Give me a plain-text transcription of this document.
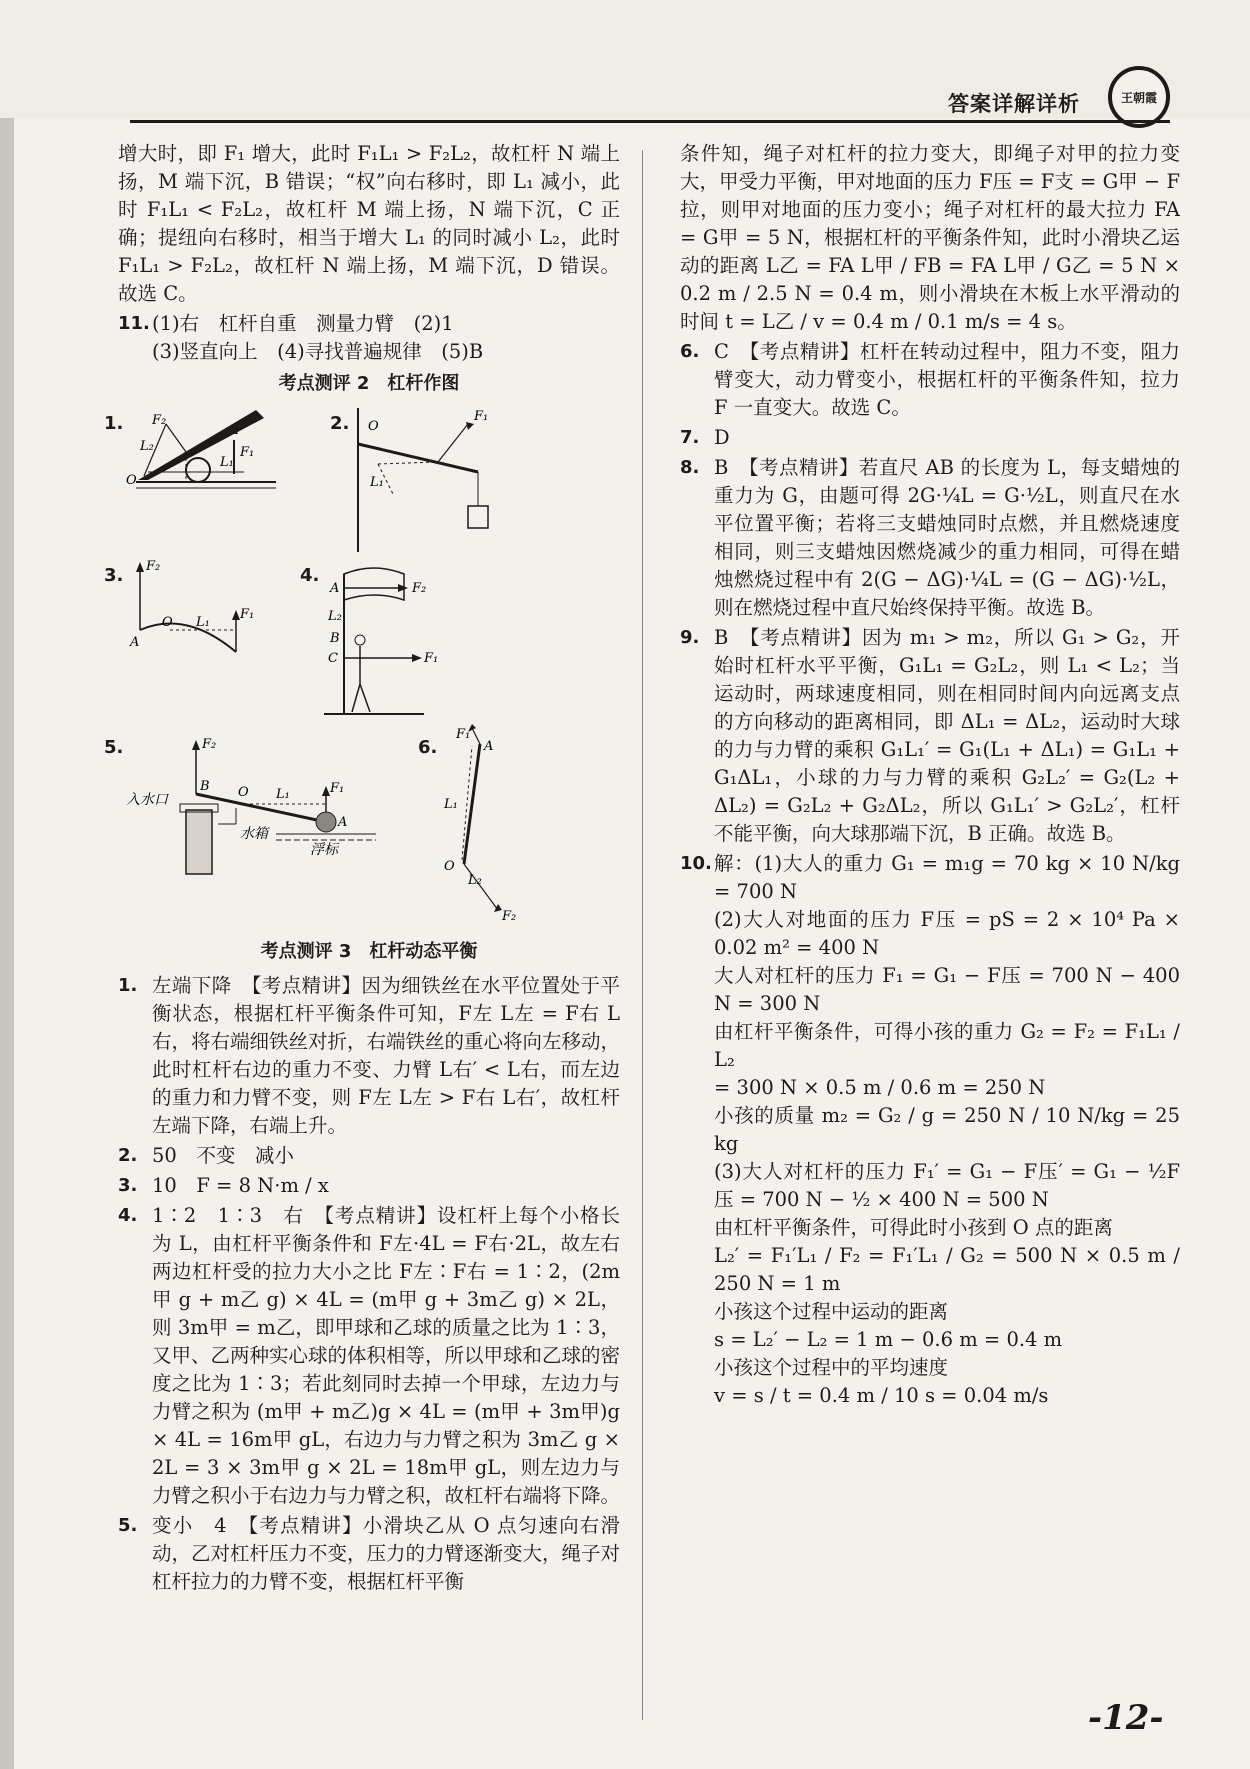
答案详解详析	王朝霞

增大时，即 F₁ 增大，此时 F₁L₁ > F₂L₂，故杠杆 N 端上扬，M 端下沉，B 错误；“权”向右移时，即 L₁ 减小，此时 F₁L₁ < F₂L₂，故杠杆 M 端上扬，N 端下沉，C 正确；提纽向右移时，相当于增大 L₁ 的同时减小 L₂，此时 F₁L₁ > F₂L₂，故杠杆 N 端上扬，M 端下沉，D 错误。故选 C。

11. (1)右　杠杆自重　测量力臂　(2)1
(3)竖直向上　(4)寻找普遍规律　(5)B
考点测评 2　杠杆作图
1.	2.
3.	4.
5.	6.
F₁
F₂
L₁
L₂
O
O
F₁
L₁
F₂
F₁
O L₁
A
A	F₂
L₂
B
C	F₁
F₂
B O L₁	F₁
A
入水口
水箱
浮标
F₁
A
L₁
O
L₂
F₂
考点测评 3　杠杆动态平衡
1. 左端下降　【考点精讲】因为细铁丝在水平位置处于平衡状态，根据杠杆平衡条件可知，F左 L左 = F右 L右，将右端细铁丝对折，右端铁丝的重心将向左移动，此时杠杆右边的重力不变、力臂 L右′ < L右，而左边的重力和力臂不变，则 F左 L左 > F右 L右′，故杠杆左端下降，右端上升。
2. 50　不变　减小
3. 10　F = 8 N·m / x
4. 1∶2　1∶3　右　【考点精讲】设杠杆上每个小格长为 L，由杠杆平衡条件和 F左·4L = F右·2L，故左右两边杠杆受的拉力大小之比 F左∶F右 = 1∶2，(2m甲 g + m乙 g) × 4L = (m甲 g + 3m乙 g) × 2L，则 3m甲 = m乙，即甲球和乙球的质量之比为 1∶3，又甲、乙两种实心球的体积相等，所以甲球和乙球的密度之比为 1∶3；若此刻同时去掉一个甲球，左边力与力臂之积为 (m甲 + m乙)g × 4L = (m甲 + 3m甲)g × 4L = 16m甲 gL，右边力与力臂之积为 3m乙 g × 2L = 3 × 3m甲 g × 2L = 18m甲 gL，则左边力与力臂之积小于右边力与力臂之积，故杠杆右端将下降。
5. 变小　4　【考点精讲】小滑块乙从 O 点匀速向右滑动，乙对杠杆压力不变，压力的力臂逐渐变大，绳子对杠杆拉力的力臂不变，根据杠杆平衡

条件知，绳子对杠杆的拉力变大，即绳子对甲的拉力变大，甲受力平衡，甲对地面的压力 F压 = F支 = G甲 − F拉，则甲对地面的压力变小；绳子对杠杆的最大拉力 FA = G甲 = 5 N，根据杠杆的平衡条件知，此时小滑块乙运动的距离 L乙 = FA L甲 / FB = FA L甲 / G乙 = 5 N × 0.2 m / 2.5 N = 0.4 m，则小滑块在木板上水平滑动的时间 t = L乙 / v = 0.4 m / 0.1 m/s = 4 s。

6. C　【考点精讲】杠杆在转动过程中，阻力不变，阻力臂变大，动力臂变小，根据杠杆的平衡条件知，拉力 F 一直变大。故选 C。
7. D
8. B　【考点精讲】若直尺 AB 的长度为 L，每支蜡烛的重力为 G，由题可得 2G·¼L = G·½L，则直尺在水平位置平衡；若将三支蜡烛同时点燃，并且燃烧速度相同，则三支蜡烛因燃烧减少的重力相同，可得在蜡烛燃烧过程中有 2(G − ΔG)·¼L = (G − ΔG)·½L，则在燃烧过程中直尺始终保持平衡。故选 B。
9. B　【考点精讲】因为 m₁ > m₂，所以 G₁ > G₂，开始时杠杆水平平衡，G₁L₁ = G₂L₂，则 L₁ < L₂；当运动时，两球速度相同，则在相同时间内向远离支点的方向移动的距离相同，即 ΔL₁ = ΔL₂，运动时大球的力与力臂的乘积 G₁L₁′ = G₁(L₁ + ΔL₁) = G₁L₁ + G₁ΔL₁，小球的力与力臂的乘积 G₂L₂′ = G₂(L₂ + ΔL₂) = G₂L₂ + G₂ΔL₂，所以 G₁L₁′ > G₂L₂′，杠杆不能平衡，向大球那端下沉，B 正确。故选 B。
10. 解：(1)大人的重力 G₁ = m₁g = 70 kg × 10 N/kg = 700 N
(2)大人对地面的压力 F压 = pS = 2 × 10⁴ Pa × 0.02 m² = 400 N
大人对杠杆的压力 F₁ = G₁ − F压 = 700 N − 400 N = 300 N
由杠杆平衡条件，可得小孩的重力 G₂ = F₂ = F₁L₁ / L₂
= 300 N × 0.5 m / 0.6 m = 250 N
小孩的质量 m₂ = G₂ / g = 250 N / 10 N/kg = 25 kg
(3)大人对杠杆的压力 F₁′ = G₁ − F压′ = G₁ − ½F压 = 700 N − ½ × 400 N = 500 N
由杠杆平衡条件，可得此时小孩到 O 点的距离
L₂′ = F₁′L₁ / F₂ = F₁′L₁ / G₂ = 500 N × 0.5 m / 250 N = 1 m
小孩这个过程中运动的距离
s = L₂′ − L₂ = 1 m − 0.6 m = 0.4 m
小孩这个过程中的平均速度
v = s / t = 0.4 m / 10 s = 0.04 m/s
-12-
